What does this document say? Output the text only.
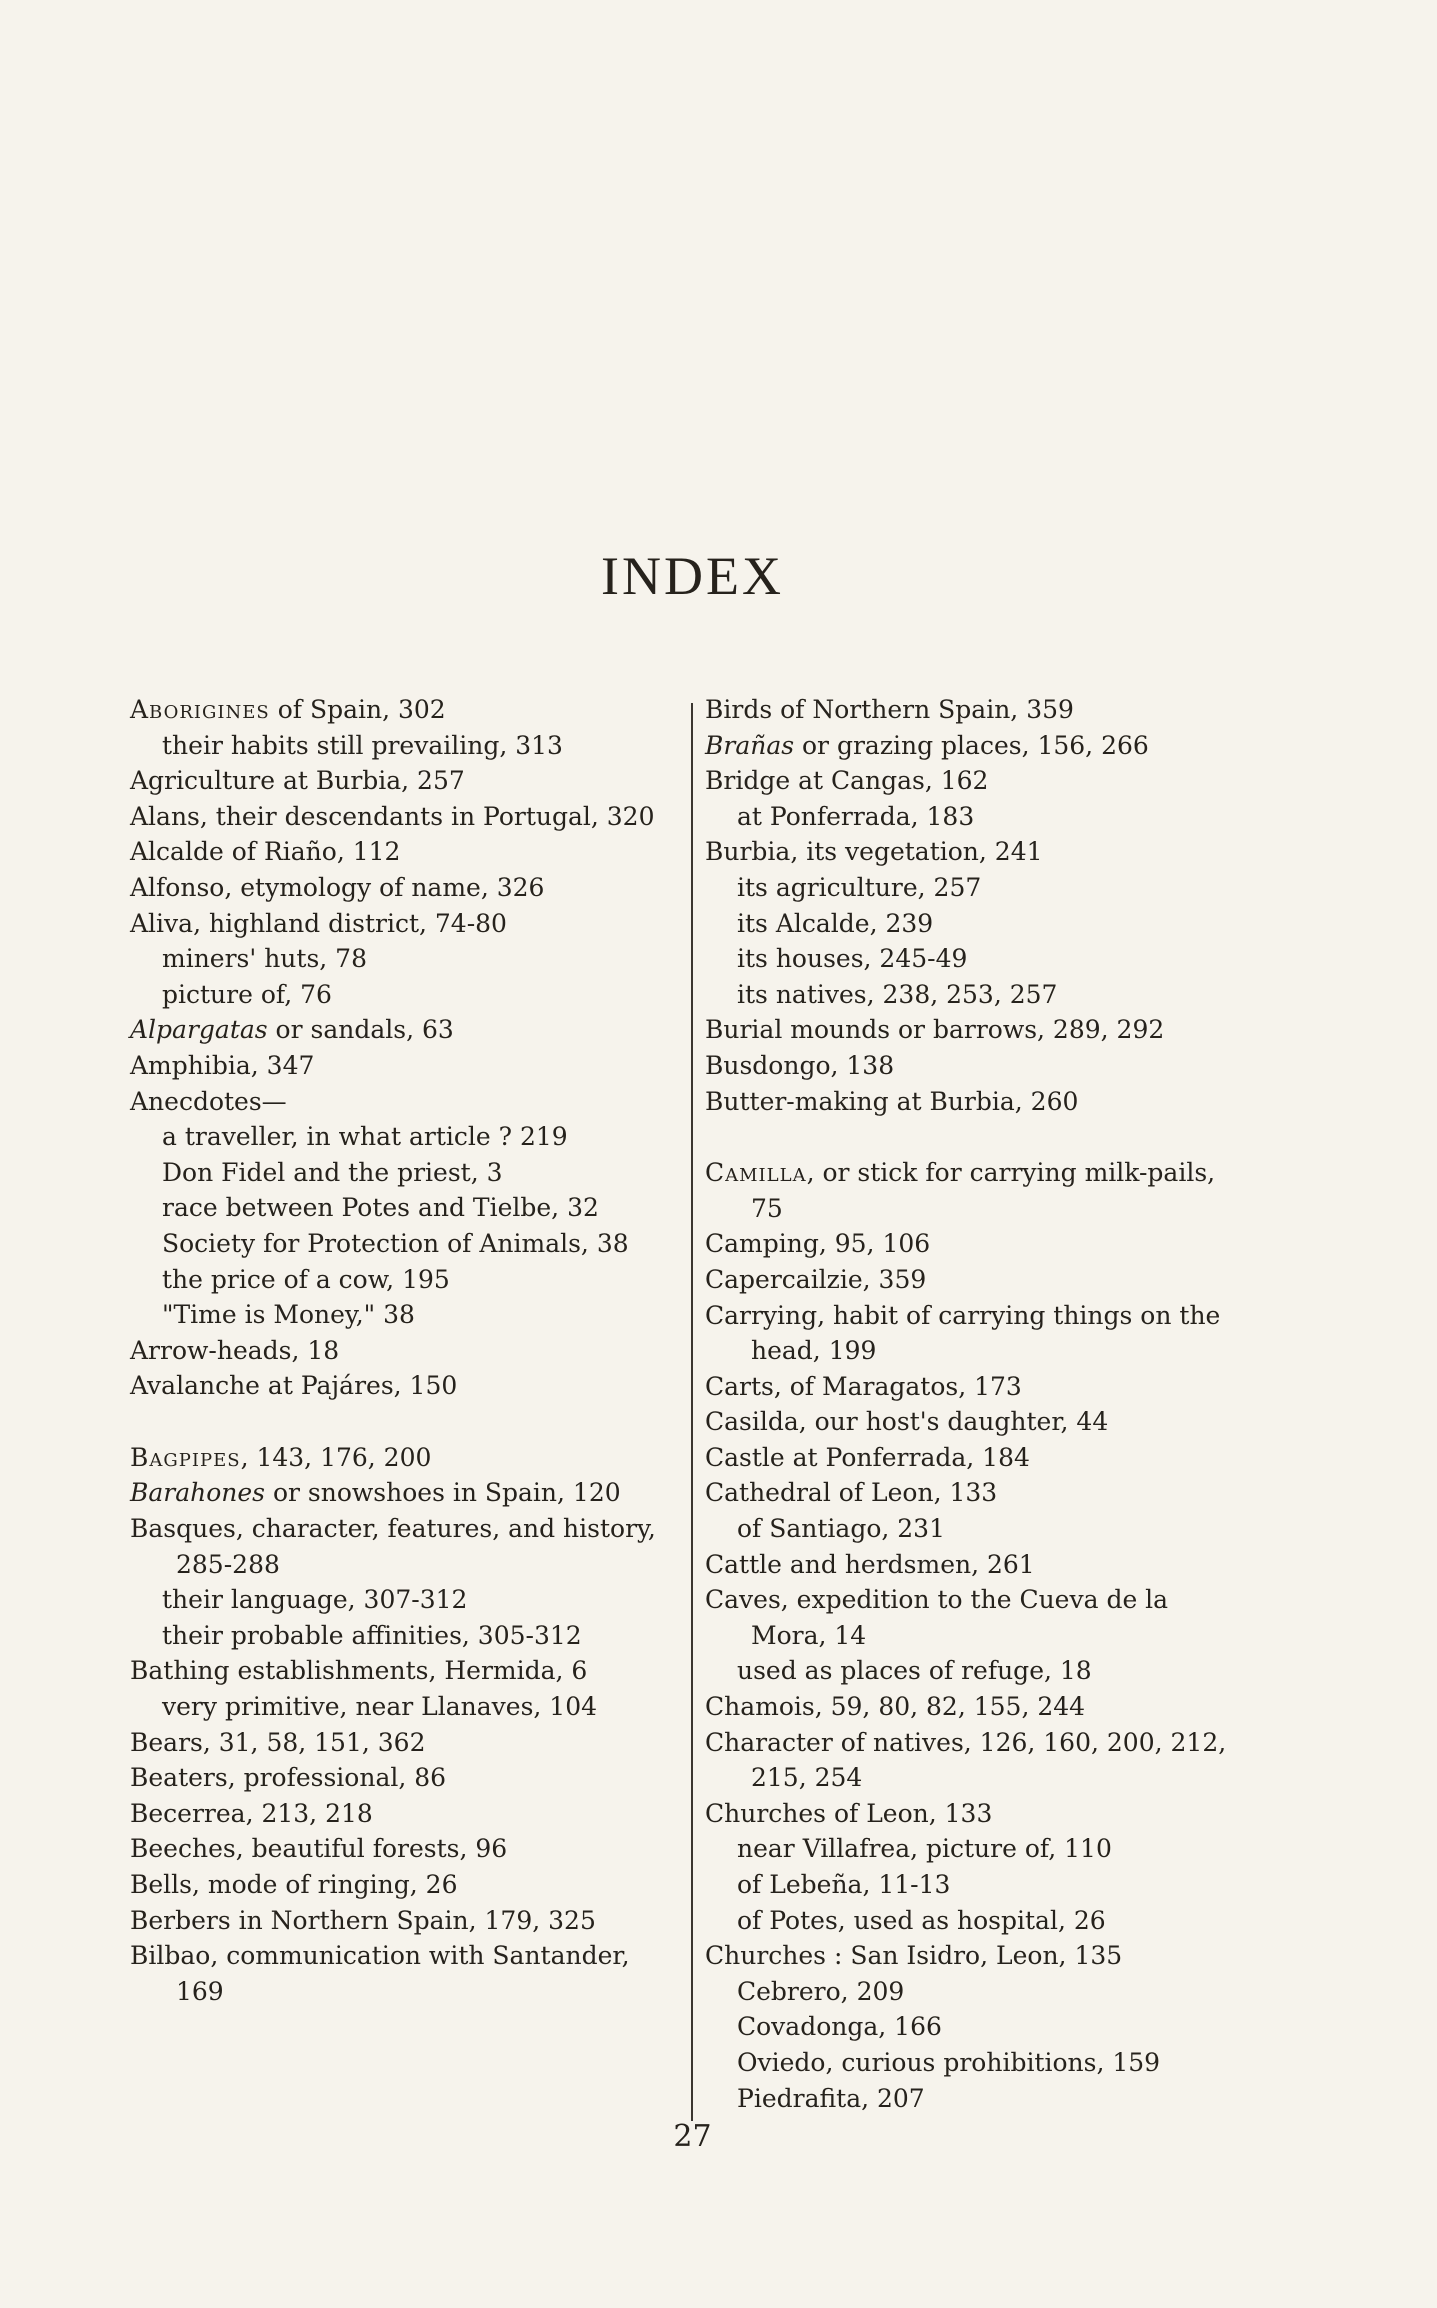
INDEX
Aborigines of Spain, 302
their habits still prevailing, 313
Agriculture at Burbia, 257
Alans, their descendants in Portugal, 320
Alcalde of Riaño, 112
Alfonso, etymology of name, 326
Aliva, highland district, 74-80
miners' huts, 78
picture of, 76
Alpargatas or sandals, 63
Amphibia, 347
Anecdotes—
a traveller, in what article ? 219
Don Fidel and the priest, 3
race between Potes and Tielbe, 32
Society for Protection of Animals, 38
the price of a cow, 195
"Time is Money," 38
Arrow-heads, 18
Avalanche at Pajáres, 150
Bagpipes, 143, 176, 200
Barahones or snowshoes in Spain, 120
Basques, character, features, and history, 285-288
their language, 307-312
their probable affinities, 305-312
Bathing establishments, Hermida, 6
very primitive, near Llanaves, 104
Bears, 31, 58, 151, 362
Beaters, professional, 86
Becerrea, 213, 218
Beeches, beautiful forests, 96
Bells, mode of ringing, 26
Berbers in Northern Spain, 179, 325
Bilbao, communication with Santander, 169
Birds of Northern Spain, 359
Brañas or grazing places, 156, 266
Bridge at Cangas, 162
at Ponferrada, 183
Burbia, its vegetation, 241
its agriculture, 257
its Alcalde, 239
its houses, 245-49
its natives, 238, 253, 257
Burial mounds or barrows, 289, 292
Busdongo, 138
Butter-making at Burbia, 260
Camilla, or stick for carrying milk-pails, 75
Camping, 95, 106
Capercailzie, 359
Carrying, habit of carrying things on the head, 199
Carts, of Maragatos, 173
Casilda, our host's daughter, 44
Castle at Ponferrada, 184
Cathedral of Leon, 133
of Santiago, 231
Cattle and herdsmen, 261
Caves, expedition to the Cueva de la Mora, 14
used as places of refuge, 18
Chamois, 59, 80, 82, 155, 244
Character of natives, 126, 160, 200, 212, 215, 254
Churches of Leon, 133
near Villafrea, picture of, 110
of Lebeña, 11-13
of Potes, used as hospital, 26
Churches : San Isidro, Leon, 135
Cebrero, 209
Covadonga, 166
Oviedo, curious prohibitions, 159
Piedrafita, 207
27
